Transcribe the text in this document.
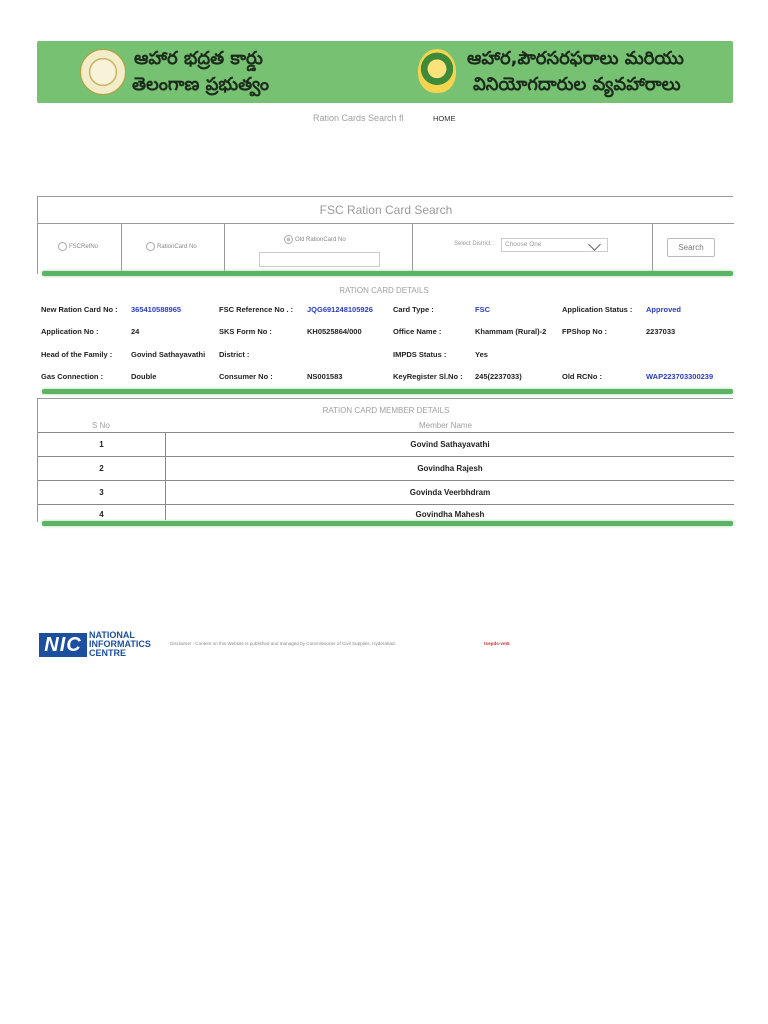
ఆహార భద్రత కార్డు
తెలంగాణ ప్రభుత్వం
ఆహార,పౌరసరఫరాలు మరియు
వినియోగదారుల వ్యవహారాలు
Ration Cards Search fl	HOME
FSC Ration Card Search
FSCRefNo	RationCard No
Old RationCard No
Select District :	Choose One	Search
RATION CARD DETAILS
New Ration Card No : 365410588965	FSC Reference No . : JQG691248105926	Card Type :	FSC	Application Status : Approved
Application No :	24	SKS Form No :	KH0525864/000	Office Name :	Khammam (Rural)-2 FPShop No :	2237033
Head of the Family : Govind Sathayavathi District :	IMPDS Status :	Yes
Gas Connection :	Double	Consumer No :	NS001583	KeyRegister Sl.No : 245(2237033)	Old RCNo :	WAP223703300239
RATION CARD MEMBER DETAILS
S No	Member Name
1	Govind Sathayavathi
2	Govindha Rajesh
3	Govinda Veerbhdram
4	Govindha Mahesh
NIC NATIONAL
INFORMATICS
CENTRE
Disclaimer : Content on this Website is published and managed by Commissioner of Civil Supplies, Hyderabad.	tsepds-vm5
